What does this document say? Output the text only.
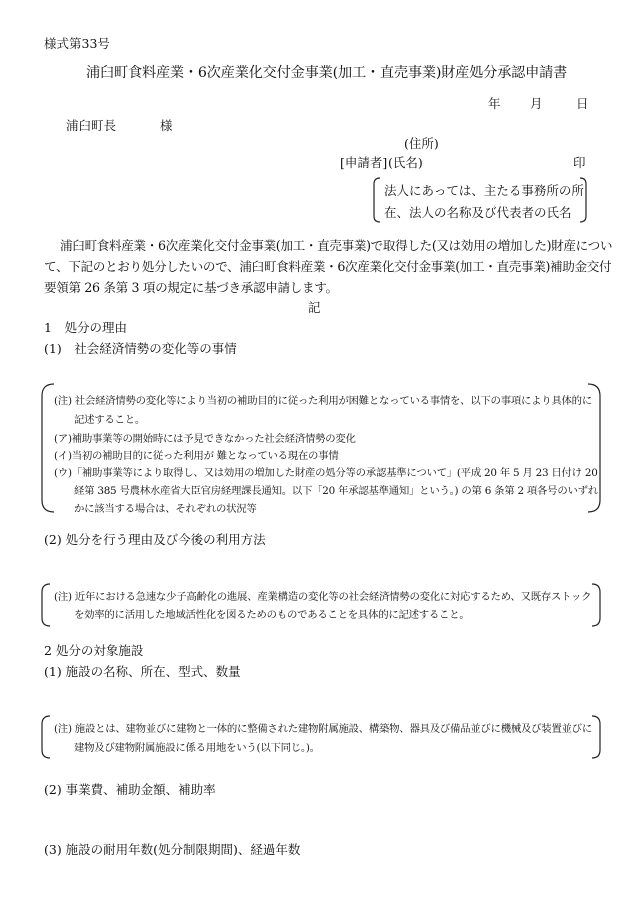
様式第33号
浦臼町食料産業・6次産業化交付金事業(加工・直売事業)財産処分承認申請書
年 月	日
浦臼町長	様
(住所)
[申請者] (氏名)	印
法人にあっては、主たる事務所の所
在、法人の名称及び代表者の氏名
浦臼町食料産業・6次産業化交付金事業(加工・直売事業)で取得した(又は効用の増加した)財産につい
て、下記のとおり処分したいので、浦臼町食料産業・6次産業化交付金事業(加工・直売事業)補助金交付
要領第 26 条第 3 項の規定に基づき承認申請します。
記
1　処分の理由
(1)　社会経済情勢の変化等の事情
(注) 社会経済情勢の変化等により当初の補助目的に従った利用が困難となっている事情を、以下の事項により具体的に
記述すること。
(ア)補助事業等の開始時には予見できなかった社会経済情勢の変化
(イ)当初の補助目的に従った利用が 難となっている現在の事情
(ウ)「補助事業等により取得し、又は効用の増加した財産の処分等の承認基準について」(平成 20 年 5 月 23 日付け 20
経第 385 号農林水産省大臣官房経理課長通知。以下「20 年承認基準通知」という。) の第 6 条第 2 項各号のいずれ
かに該当する場合は、それぞれの状況等
(2) 処分を行う理由及び今後の利用方法
(注) 近年における急速な少子高齢化の進展、産業構造の変化等の社会経済情勢の変化に対応するため、又既存ストック
を効率的に活用した地域活性化を図るためのものであることを具体的に記述すること。
2 処分の対象施設
(1) 施設の名称、所在、型式、数量
(注) 施設とは、建物並びに建物と一体的に整備された建物附属施設、構築物、器具及び備品並びに機械及び装置並びに
建物及び建物附属施設に係る用地をいう(以下同じ。)。
(2) 事業費、補助金額、補助率
(3) 施設の耐用年数(処分制限期間)、経過年数
